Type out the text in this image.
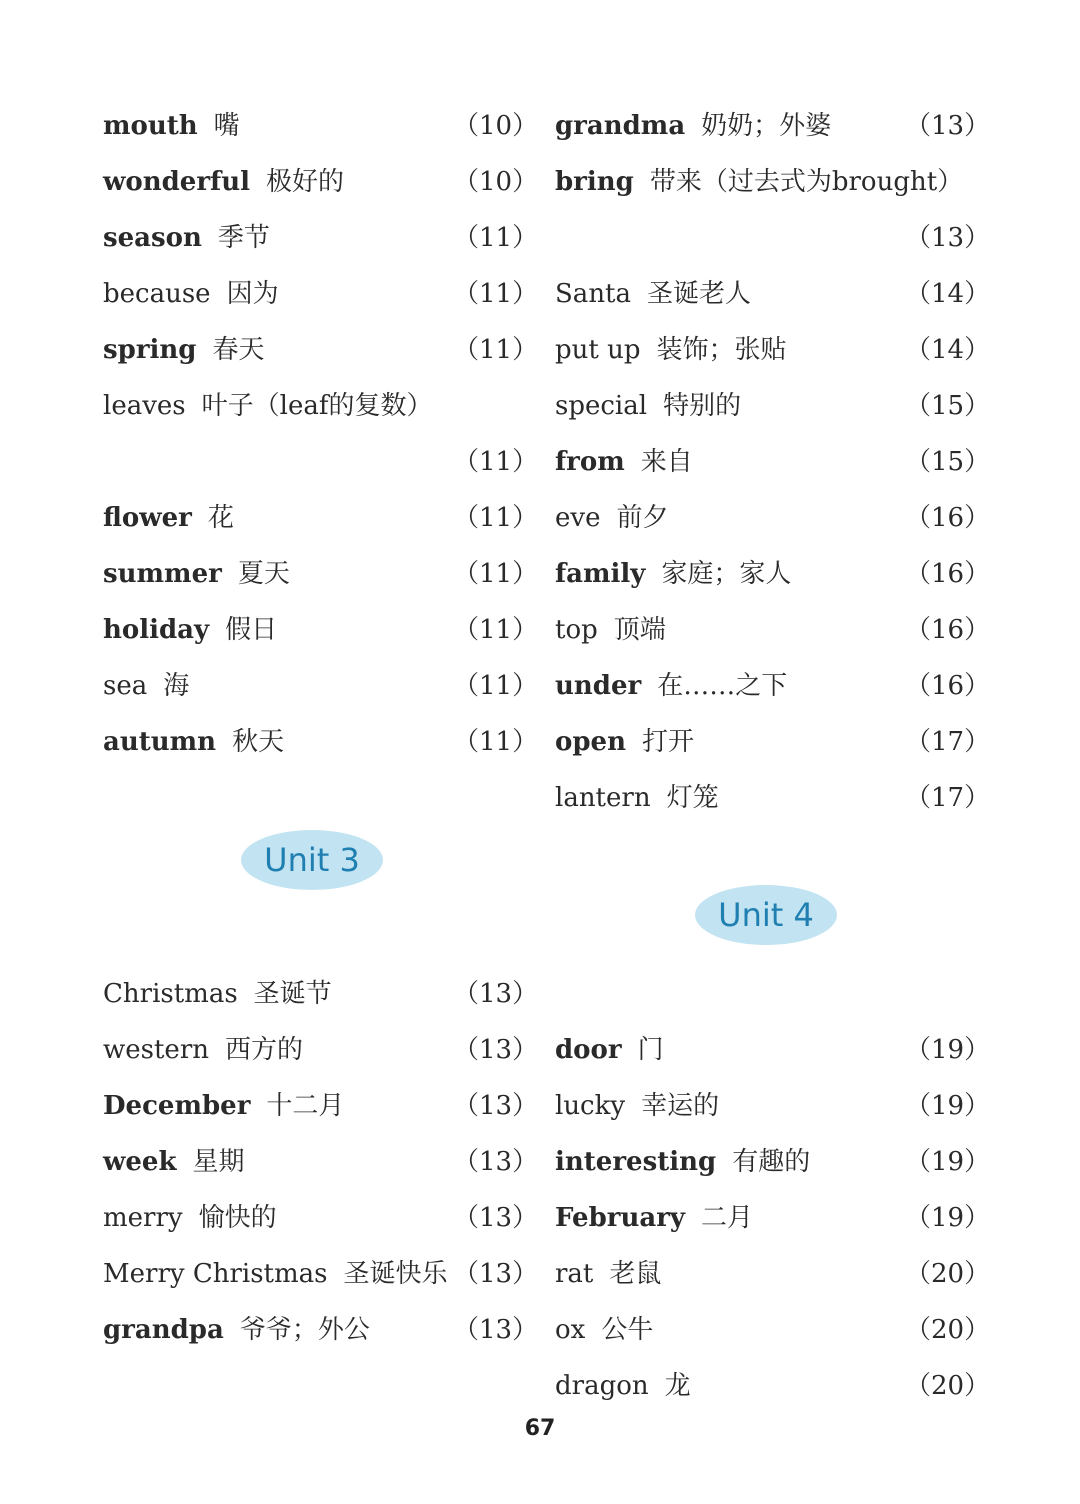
mouth 嘴	（10）
wonderful 极好的	（10）
season 季节	（11）
because 因为	（11）
spring 春天	（11）
leaves 叶子（leaf的复数）
（11）
flower 花	（11）
summer 夏天	（11）
holiday 假日	（11）
sea 海	（11）
autumn 秋天	（11）
Unit 3
Christmas 圣诞节	（13）
western 西方的	（13）
December 十二月	（13）
week 星期	（13）
merry 愉快的	（13）
Merry Christmas 圣诞快乐 （13）
grandpa 爷爷；外公	（13）
grandma 奶奶；外婆	（13）
bring 带来（过去式为brought）
（13）
Santa 圣诞老人	（14）
put up 装饰；张贴	（14）
special 特别的	（15）
from 来自	（15）
eve 前夕	（16）
family 家庭；家人	（16）
top 顶端	（16）
under 在……之下	（16）
open 打开	（17）
lantern 灯笼	（17）
Unit 4
door 门	（19）
lucky 幸运的	（19）
interesting 有趣的	（19）
February 二月	（19）
rat 老鼠	（20）
ox 公牛	（20）
dragon 龙	（20）
67
